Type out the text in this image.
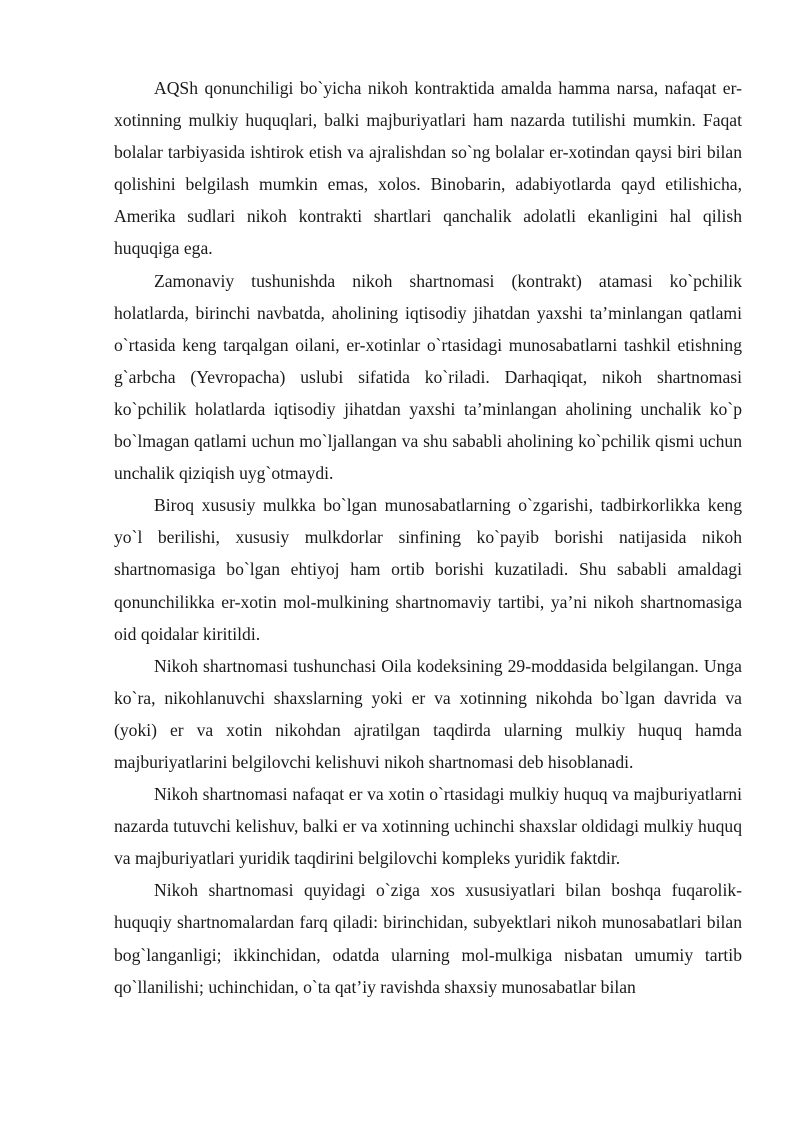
AQSh qonunchiligi bo`yicha nikoh kontraktida amalda hamma narsa, nafaqat er-xotinning mulkiy huquqlari, balki majburiyatlari ham nazarda tutilishi mumkin. Faqat bolalar tarbiyasida ishtirok etish va ajralishdan so`ng bolalar er-xotindan qaysi biri bilan qolishini belgilash mumkin emas, xolos. Binobarin, adabiyotlarda qayd etilishicha, Amerika sudlari nikoh kontrakti shartlari qanchalik adolatli ekanligini hal qilish huquqiga ega.

Zamonaviy tushunishda nikoh shartnomasi (kontrakt) atamasi ko`pchilik holatlarda, birinchi navbatda, aholining iqtisodiy jihatdan yaxshi ta’minlangan qatlami o`rtasida keng tarqalgan oilani, er-xotinlar o`rtasidagi munosabatlarni tashkil etishning g`arbcha (Yevropacha) uslubi sifatida ko`riladi. Darhaqiqat, nikoh shartnomasi ko`pchilik holatlarda iqtisodiy jihatdan yaxshi ta’minlangan aholining unchalik ko`p bo`lmagan qatlami uchun mo`ljallangan va shu sababli aholining ko`pchilik qismi uchun unchalik qiziqish uyg`otmaydi.

Biroq xususiy mulkka bo`lgan munosabatlarning o`zgarishi, tadbirkorlikka keng yo`l berilishi, xususiy mulkdorlar sinfining ko`payib borishi natijasida nikoh shartnomasiga bo`lgan ehtiyoj ham ortib borishi kuzatiladi. Shu sababli amaldagi qonunchilikka er-xotin mol-mulkining shartnomaviy tartibi, ya’ni nikoh shartnomasiga oid qoidalar kiritildi.

Nikoh shartnomasi tushunchasi Oila kodeksining 29-moddasida belgilangan. Unga ko`ra, nikohlanuvchi shaxslarning yoki er va xotinning nikohda bo`lgan davrida va (yoki) er va xotin nikohdan ajratilgan taqdirda ularning mulkiy huquq hamda majburiyatlarini belgilovchi kelishuvi nikoh shartnomasi deb hisoblanadi.

Nikoh shartnomasi nafaqat er va xotin o`rtasidagi mulkiy huquq va majburiyatlarni nazarda tutuvchi kelishuv, balki er va xotinning uchinchi shaxslar oldidagi mulkiy huquq va majburiyatlari yuridik taqdirini belgilovchi kompleks yuridik faktdir.

Nikoh shartnomasi quyidagi o`ziga xos xususiyatlari bilan boshqa fuqarolik-huquqiy shartnomalardan farq qiladi: birinchidan, subyektlari nikoh munosabatlari bilan bog`langanligi; ikkinchidan, odatda ularning mol-mulkiga nisbatan umumiy tartib qo`llanilishi; uchinchidan, o`ta qat’iy ravishda shaxsiy munosabatlar bilan
